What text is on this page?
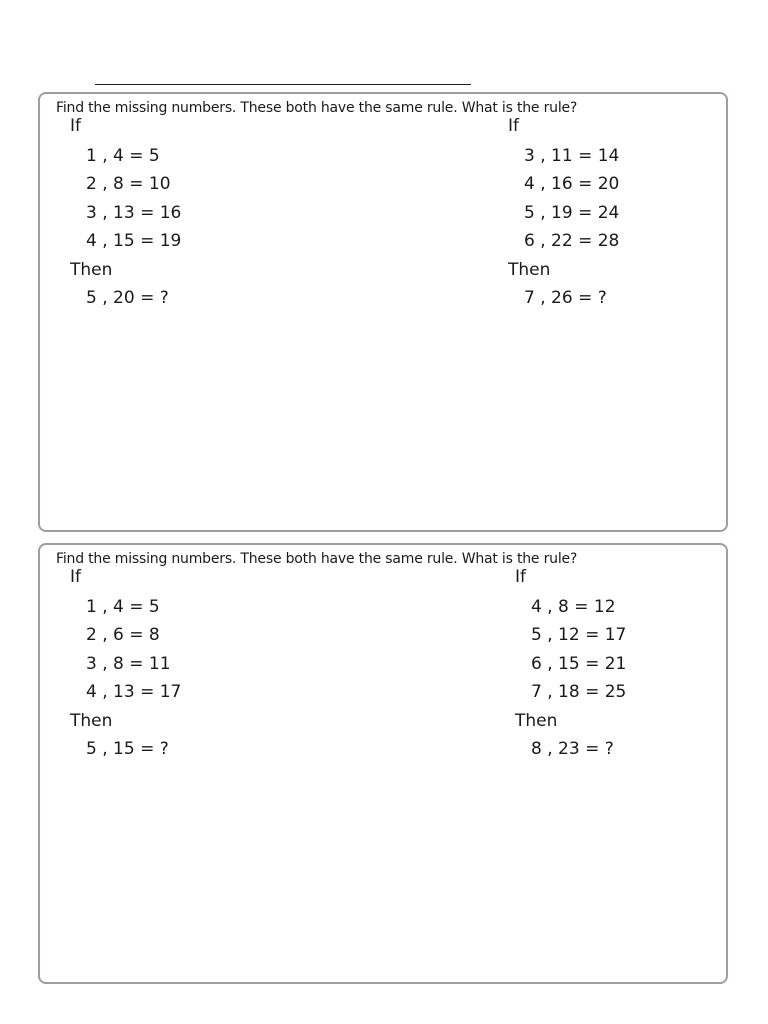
Find the missing numbers. These both have the same rule. What is the rule?
If
1 , 4 = 5
2 , 8 = 10
3 , 13 = 16
4 , 15 = 19
Then
5 , 20 = ?
If
3 , 11 = 14
4 , 16 = 20
5 , 19 = 24
6 , 22 = 28
Then
7 , 26 = ?
Find the missing numbers. These both have the same rule. What is the rule?
If
1 , 4 = 5
2 , 6 = 8
3 , 8 = 11
4 , 13 = 17
Then
5 , 15 = ?
If
4 , 8 = 12
5 , 12 = 17
6 , 15 = 21
7 , 18 = 25
Then
8 , 23 = ?
